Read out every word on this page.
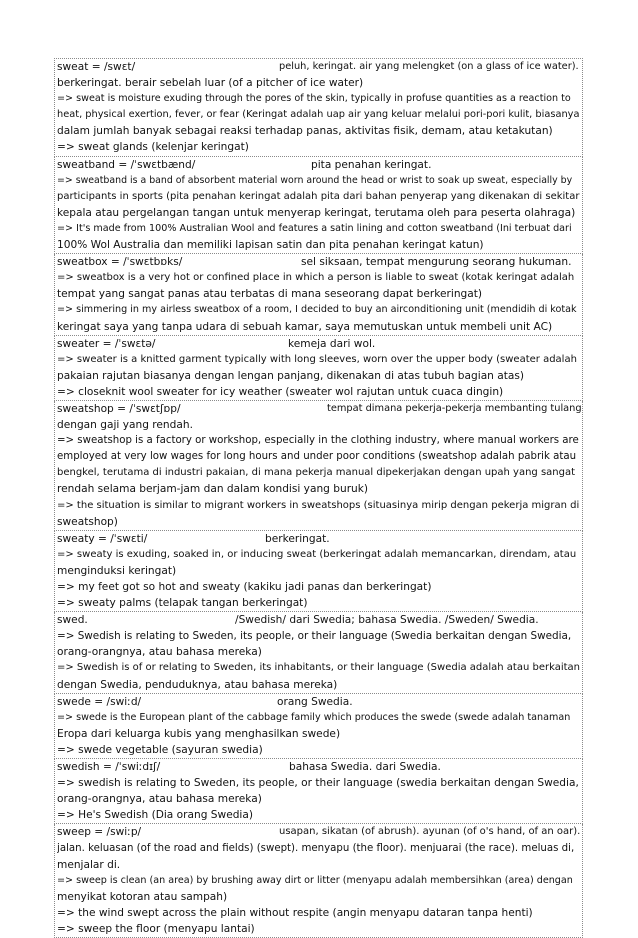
sweat = /swɛt/	peluh, keringat. air yang melengket (on a glass of ice water).
berkeringat. berair sebelah luar (of a pitcher of ice water)
=> sweat is moisture exuding through the pores of the skin, typically in profuse quantities as a reaction to
heat, physical exertion, fever, or fear (Keringat adalah uap air yang keluar melalui pori-pori kulit, biasanya
dalam jumlah banyak sebagai reaksi terhadap panas, aktivitas fisik, demam, atau ketakutan)
=> sweat glands (kelenjar keringat)
sweatband = /ˈswɛtbænd/	pita penahan keringat.
=> sweatband is a band of absorbent material worn around the head or wrist to soak up sweat, especially by
participants in sports (pita penahan keringat adalah pita dari bahan penyerap yang dikenakan di sekitar
kepala atau pergelangan tangan untuk menyerap keringat, terutama oleh para peserta olahraga)
=> It's made from 100% Australian Wool and features a satin lining and cotton sweatband (Ini terbuat dari
100% Wol Australia dan memiliki lapisan satin dan pita penahan keringat katun)
sweatbox = /ˈswɛtbɒks/	sel siksaan, tempat mengurung seorang hukuman.
=> sweatbox is a very hot or confined place in which a person is liable to sweat (kotak keringat adalah
tempat yang sangat panas atau terbatas di mana seseorang dapat berkeringat)
=> simmering in my airless sweatbox of a room, I decided to buy an airconditioning unit (mendidih di kotak
keringat saya yang tanpa udara di sebuah kamar, saya memutuskan untuk membeli unit AC)
sweater = /ˈswɛtə/	kemeja dari wol.
=> sweater is a knitted garment typically with long sleeves, worn over the upper body (sweater adalah
pakaian rajutan biasanya dengan lengan panjang, dikenakan di atas tubuh bagian atas)
=> closeknit wool sweater for icy weather (sweater wol rajutan untuk cuaca dingin)
sweatshop = /ˈswɛtʃɒp/	tempat dimana pekerja-pekerja membanting tulang
dengan gaji yang rendah.
=> sweatshop is a factory or workshop, especially in the clothing industry, where manual workers are
employed at very low wages for long hours and under poor conditions (sweatshop adalah pabrik atau
bengkel, terutama di industri pakaian, di mana pekerja manual dipekerjakan dengan upah yang sangat
rendah selama berjam-jam dan dalam kondisi yang buruk)
=> the situation is similar to migrant workers in sweatshops (situasinya mirip dengan pekerja migran di
sweatshop)
sweaty = /ˈswɛti/	berkeringat.
=> sweaty is exuding, soaked in, or inducing sweat (berkeringat adalah memancarkan, direndam, atau
menginduksi keringat)
=> my feet got so hot and sweaty (kakiku jadi panas dan berkeringat)
=> sweaty palms (telapak tangan berkeringat)
swed.	/Swedish/ dari Swedia; bahasa Swedia. /Sweden/ Swedia.
=> Swedish is relating to Sweden, its people, or their language (Swedia berkaitan dengan Swedia,
orang-orangnya, atau bahasa mereka)
=> Swedish is of or relating to Sweden, its inhabitants, or their language (Swedia adalah atau berkaitan
dengan Swedia, penduduknya, atau bahasa mereka)
swede = /swiːd/	orang Swedia.
=> swede is the European plant of the cabbage family which produces the swede (swede adalah tanaman
Eropa dari keluarga kubis yang menghasilkan swede)
=> swede vegetable (sayuran swedia)
swedish = /ˈswiːdɪʃ/	bahasa Swedia. dari Swedia.
=> swedish is relating to Sweden, its people, or their language (swedia berkaitan dengan Swedia,
orang-orangnya, atau bahasa mereka)
=> He's Swedish (Dia orang Swedia)
sweep = /swiːp/	usapan, sikatan (of abrush). ayunan (of o's hand, of an oar).
jalan. keluasan (of the road and fields) (swept). menyapu (the floor). menjuarai (the race). meluas di,
menjalar di.
=> sweep is clean (an area) by brushing away dirt or litter (menyapu adalah membersihkan (area) dengan
menyikat kotoran atau sampah)
=> the wind swept across the plain without respite (angin menyapu dataran tanpa henti)
=> sweep the floor (menyapu lantai)
